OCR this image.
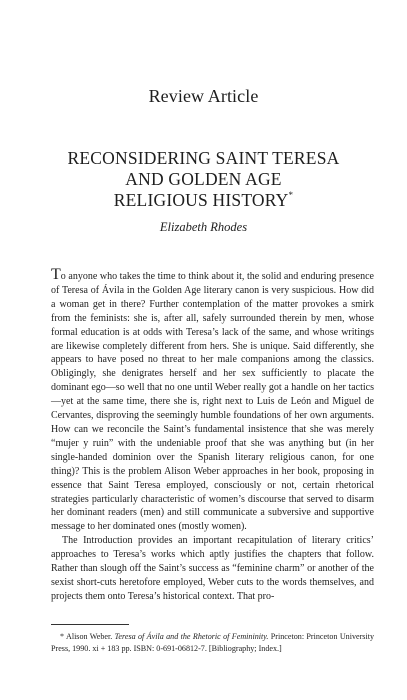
Review Article
RECONSIDERING SAINT TERESA
AND GOLDEN AGE
RELIGIOUS HISTORY*
Elizabeth Rhodes

To anyone who takes the time to think about it, the solid and enduring presence of Teresa of Ávila in the Golden Age literary canon is very suspicious. How did a woman get in there? Further contemplation of the matter provokes a smirk from the feminists: she is, after all, safely surrounded therein by men, whose formal education is at odds with Teresa’s lack of the same, and whose writings are likewise completely different from hers. She is unique. Said differently, she appears to have posed no threat to her male companions among the classics. Obligingly, she denigrates herself and her sex sufficiently to placate the dominant ego—so well that no one until Weber really got a handle on her tactics—yet at the same time, there she is, right next to Luis de León and Miguel de Cervantes, disproving the seemingly humble foundations of her own arguments. How can we reconcile the Saint’s fundamental insistence that she was merely “mujer y ruin” with the undeniable proof that she was anything but (in her single-handed dominion over the Spanish literary religious canon, for one thing)? This is the problem Alison Weber approaches in her book, proposing in essence that Saint Teresa employed, consciously or not, certain rhetorical strategies particularly characteristic of women’s discourse that served to disarm her dominant readers (men) and still communicate a subversive and supportive message to her dominated ones (mostly women).

The Introduction provides an important recapitulation of literary critics’ approaches to Teresa’s works which aptly justifies the chapters that follow. Rather than slough off the Saint’s success as “feminine charm” or another of the sexist short-cuts heretofore employed, Weber cuts to the words themselves, and projects them onto Teresa’s historical context. That pro-

* Alison Weber. Teresa of Ávila and the Rhetoric of Femininity. Princeton: Princeton University Press, 1990. xi + 183 pp. ISBN: 0-691-06812-7. [Bibliography; Index.]
